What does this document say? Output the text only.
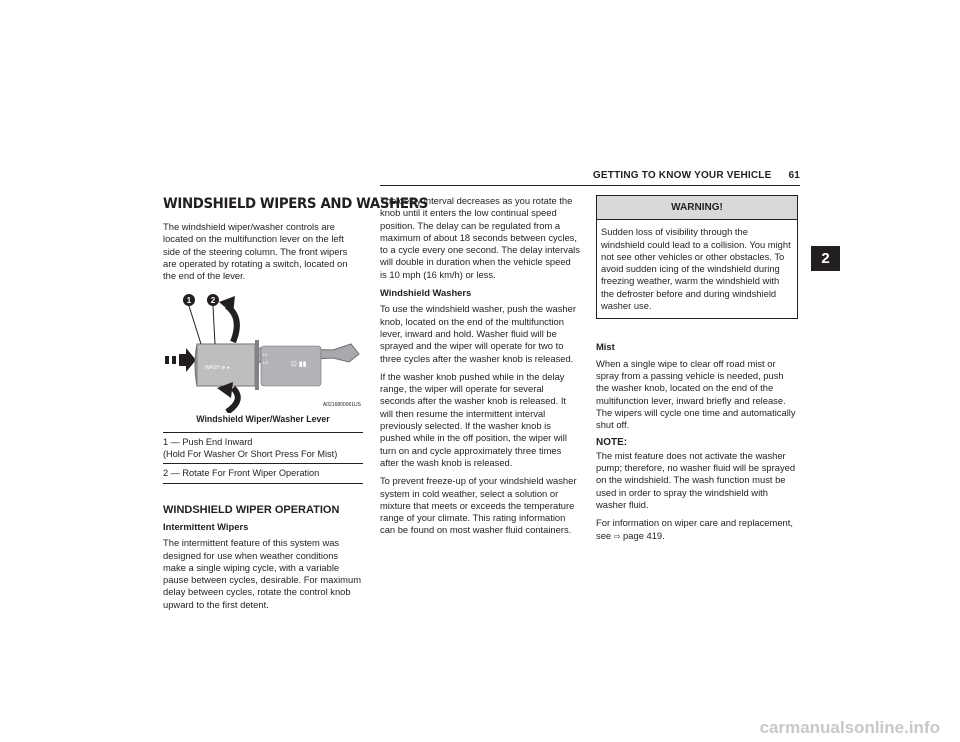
GETTING TO KNOW YOUR VEHICLE 61
2
WINDSHIELD WIPERS AND WASHERS

The windshield wiper/washer controls are located on the multifunction lever on the left side of the steering column. The front wipers are operated by rotating a switch, located on the end of the lever.

WASH ⊕ ●	⊡ ▮▮
HI
LO
1 2
A0216800061US

Windshield Wiper/Washer Lever

1 — Push End Inward
(Hold For Washer Or Short Press For Mist)
2 — Rotate For Front Wiper Operation
WINDSHIELD WIPER OPERATION
Intermittent Wipers

The intermittent feature of this system was designed for use when weather conditions make a single wiping cycle, with a variable pause between cycles, desirable. For maximum delay between cycles, rotate the control knob upward to the first detent.

The delay interval decreases as you rotate the knob until it enters the low continual speed position. The delay can be regulated from a maximum of about 18 seconds between cycles, to a cycle every one second. The delay intervals will double in duration when the vehicle speed is 10 mph (16 km/h) or less.

Windshield Washers

To use the windshield washer, push the washer knob, located on the end of the multifunction lever, inward and hold. Washer fluid will be sprayed and the wiper will operate for two to three cycles after the washer knob is released.

If the washer knob pushed while in the delay range, the wiper will operate for several seconds after the washer knob is released. It will then resume the intermittent interval previously selected. If the washer knob is pushed while in the off position, the wiper will turn on and cycle approximately three times after the wash knob is released.

To prevent freeze-up of your windshield washer system in cold weather, select a solution or mixture that meets or exceeds the temperature range of your climate. This rating information can be found on most washer fluid containers.

WARNING!
Sudden loss of visibility through the windshield could lead to a collision. You might not see other vehicles or other obstacles. To avoid sudden icing of the windshield during freezing weather, warm the windshield with the defroster before and during windshield washer use.
Mist

When a single wipe to clear off road mist or spray from a passing vehicle is needed, push the washer knob, located on the end of the multifunction lever, inward briefly and release. The wipers will cycle one time and automatically shut off.

NOTE:

The mist feature does not activate the washer pump; therefore, no washer fluid will be sprayed on the windshield. The wash function must be used in order to spray the windshield with washer fluid.

For information on wiper care and replacement, see ⇨ page 419.

carmanualsonline.info
